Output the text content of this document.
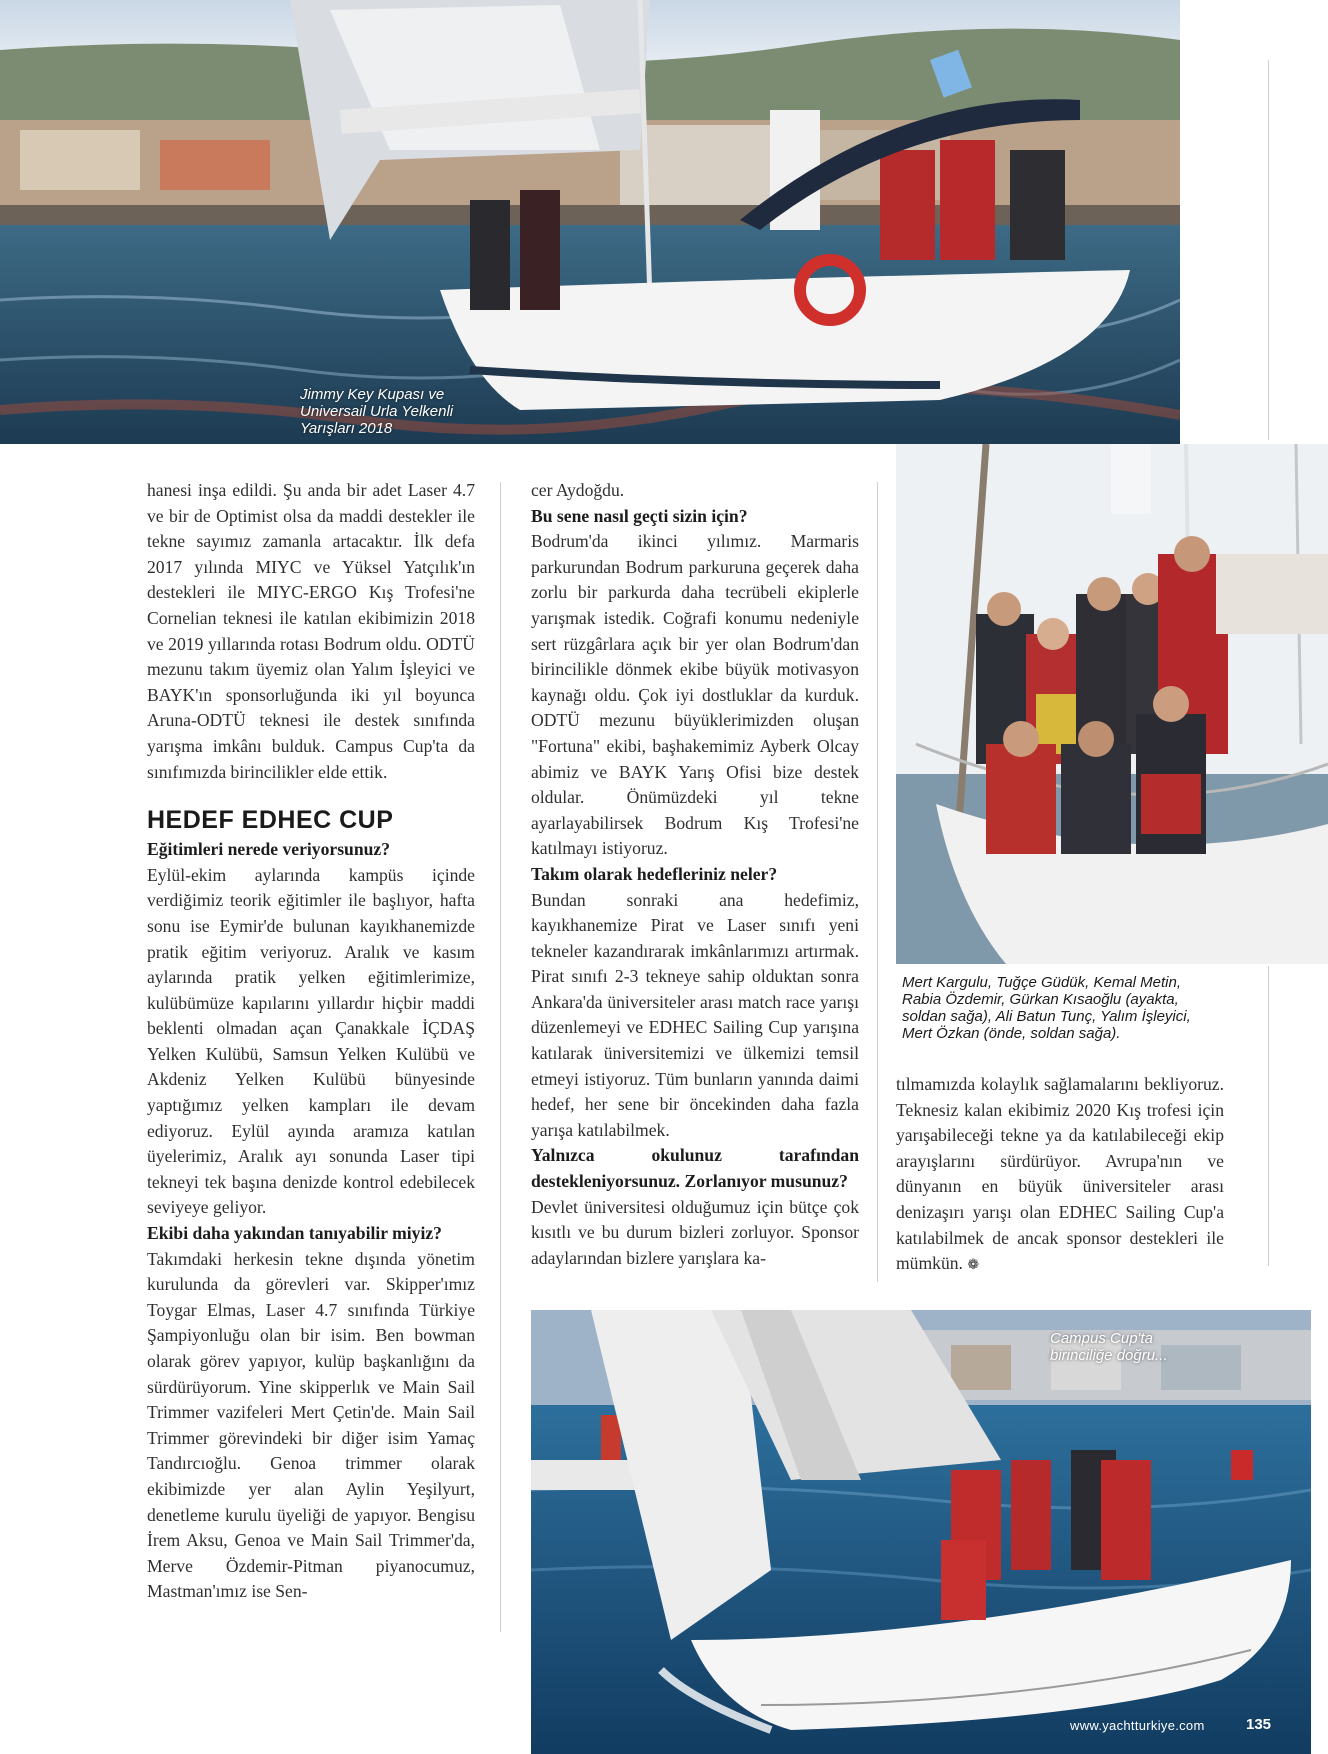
Jimmy Key Kupası ve Universail Urla Yelkenli Yarışları 2018

Mert Kargulu, Tuğçe Güdük, Kemal Metin, Rabia Özdemir, Gürkan Kısaoğlu (ayakta, soldan sağa), Ali Batun Tunç, Yalım İşleyici, Mert Özkan (önde, soldan sağa).

hanesi inşa edildi. Şu anda bir adet Laser 4.7 ve bir de Optimist olsa da maddi destekler ile tekne sayımız zamanla artacaktır. İlk defa 2017 yılında MIYC ve Yüksel Yatçılık'ın destekleri ile MIYC-ERGO Kış Trofesi'ne Cornelian teknesi ile katılan ekibimizin 2018 ve 2019 yıllarında rotası Bodrum oldu. ODTÜ mezunu takım üyemiz olan Yalım İşleyici ve BAYK'ın sponsorluğunda iki yıl boyunca Aruna-ODTÜ teknesi ile destek sınıfında yarışma imkânı bulduk. Campus Cup'ta da sınıfımızda birincilikler elde ettik.

HEDEF EDHEC CUP

Eğitimleri nerede veriyorsunuz?

Eylül-ekim aylarında kampüs içinde verdiğimiz teorik eğitimler ile başlıyor, hafta sonu ise Eymir'de bulunan kayıkhanemizde pratik eğitim veriyoruz. Aralık ve kasım aylarında pratik yelken eğitimlerimize, kulübümüze kapılarını yıllardır hiçbir maddi beklenti olmadan açan Çanakkale İÇDAŞ Yelken Kulübü, Samsun Yelken Kulübü ve Akdeniz Yelken Kulübü bünyesinde yaptığımız yelken kampları ile devam ediyoruz. Eylül ayında aramıza katılan üyelerimiz, Aralık ayı sonunda Laser tipi tekneyi tek başına denizde kontrol edebilecek seviyeye geliyor.

Ekibi daha yakından tanıyabilir miyiz?

Takımdaki herkesin tekne dışında yönetim kurulunda da görevleri var. Skipper'ımız Toygar Elmas, Laser 4.7 sınıfında Türkiye Şampiyonluğu olan bir isim. Ben bowman olarak görev yapıyor, kulüp başkanlığını da sürdürüyorum. Yine skipperlık ve Main Sail Trimmer vazifeleri Mert Çetin'de. Main Sail Trimmer görevindeki bir diğer isim Yamaç Tandırcıoğlu. Genoa trimmer olarak ekibimizde yer alan Aylin Yeşilyurt, denetleme kurulu üyeliği de yapıyor. Bengisu İrem Aksu, Genoa ve Main Sail Trimmer'da, Merve Özdemir-Pitman piyanocumuz, Mastman'ımız ise Sen-

cer Aydoğdu.

Bu sene nasıl geçti sizin için?

Bodrum'da ikinci yılımız. Marmaris parkurundan Bodrum parkuruna geçerek daha zorlu bir parkurda daha tecrübeli ekiplerle yarışmak istedik. Coğrafi konumu nedeniyle sert rüzgârlara açık bir yer olan Bodrum'dan birincilikle dönmek ekibe büyük motivasyon kaynağı oldu. Çok iyi dostluklar da kurduk. ODTÜ mezunu büyüklerimizden oluşan "Fortuna" ekibi, başhakemimiz Ayberk Olcay abimiz ve BAYK Yarış Ofisi bize destek oldular. Önümüzdeki yıl tekne ayarlayabilirsek Bodrum Kış Trofesi'ne katılmayı istiyoruz.

Takım olarak hedefleriniz neler?

Bundan sonraki ana hedefimiz, kayıkhanemize Pirat ve Laser sınıfı yeni tekneler kazandırarak imkânlarımızı artırmak. Pirat sınıfı 2-3 tekneye sahip olduktan sonra Ankara'da üniversiteler arası match race yarışı düzenlemeyi ve EDHEC Sailing Cup yarışına katılarak üniversitemizi ve ülkemizi temsil etmeyi istiyoruz. Tüm bunların yanında daimi hedef, her sene bir öncekinden daha fazla yarışa katılabilmek.

Yalnızca okulunuz tarafından destekleniyorsunuz. Zorlanıyor musunuz?

Devlet üniversitesi olduğumuz için bütçe çok kısıtlı ve bu durum bizleri zorluyor. Sponsor adaylarından bizlere yarışlara ka-

tılmamızda kolaylık sağlamalarını bekliyoruz. Teknesiz kalan ekibimiz 2020 Kış trofesi için yarışabileceği tekne ya da katılabileceği ekip arayışlarını sürdürüyor. Avrupa'nın ve dünyanın en büyük üniversiteler arası denizaşırı yarışı olan EDHEC Sailing Cup'a katılabilmek de ancak sponsor destekleri ile mümkün. ❁

Campus Cup'ta birinciliğe doğru...

www.yachtturkiye.com	135
